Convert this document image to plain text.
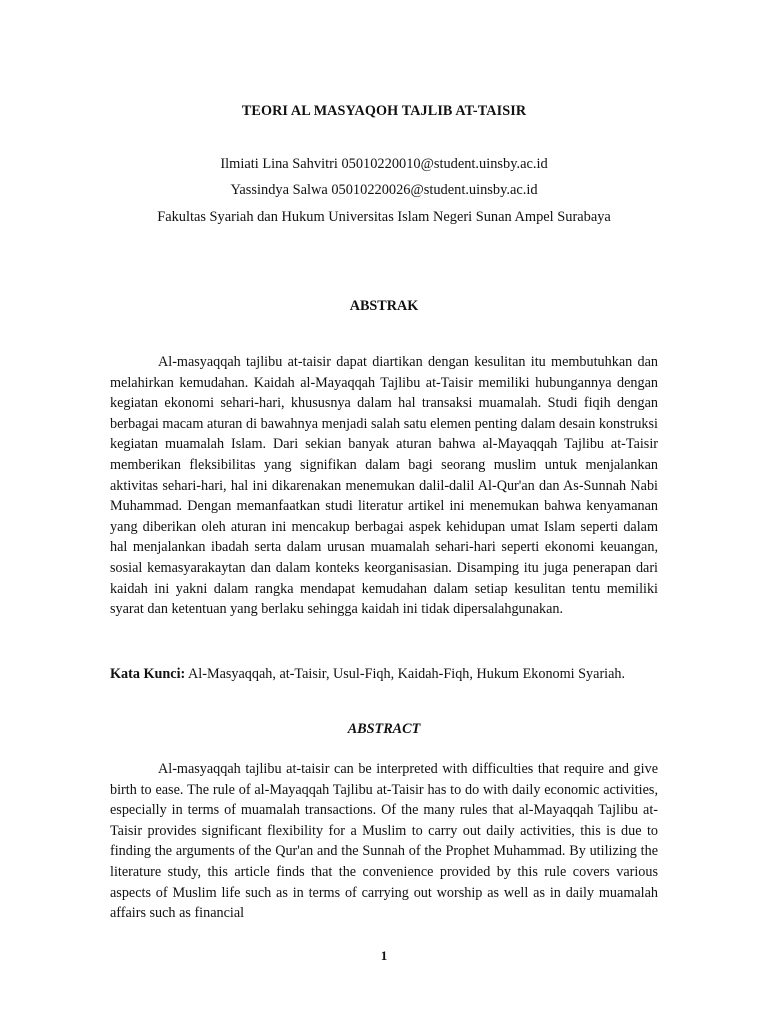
TEORI AL MASYAQOH TAJLIB AT-TAISIR
Ilmiati Lina Sahvitri 05010220010@student.uinsby.ac.id
Yassindya Salwa 05010220026@student.uinsby.ac.id
Fakultas Syariah dan Hukum Universitas Islam Negeri Sunan Ampel Surabaya
ABSTRAK

Al-masyaqqah tajlibu at-taisir dapat diartikan dengan kesulitan itu membutuhkan dan melahirkan kemudahan. Kaidah al-Mayaqqah Tajlibu at-Taisir memiliki hubungannya dengan kegiatan ekonomi sehari-hari, khususnya dalam hal transaksi muamalah. Studi fiqih dengan berbagai macam aturan di bawahnya menjadi salah satu elemen penting dalam desain konstruksi kegiatan muamalah Islam. Dari sekian banyak aturan bahwa al-Mayaqqah Tajlibu at-Taisir memberikan fleksibilitas yang signifikan dalam bagi seorang muslim untuk menjalankan aktivitas sehari-hari, hal ini dikarenakan menemukan dalil-dalil Al-Qur'an dan As-Sunnah Nabi Muhammad. Dengan memanfaatkan studi literatur artikel ini menemukan bahwa kenyamanan yang diberikan oleh aturan ini mencakup berbagai aspek kehidupan umat Islam seperti dalam hal menjalankan ibadah serta dalam urusan muamalah sehari-hari seperti ekonomi keuangan, sosial kemasyarakaytan dan dalam konteks keorganisasian. Disamping itu juga penerapan dari kaidah ini yakni dalam rangka mendapat kemudahan dalam setiap kesulitan tentu memiliki syarat dan ketentuan yang berlaku sehingga kaidah ini tidak dipersalahgunakan.

Kata Kunci: Al-Masyaqqah, at-Taisir, Usul-Fiqh, Kaidah-Fiqh, Hukum Ekonomi Syariah.

ABSTRACT

Al-masyaqqah tajlibu at-taisir can be interpreted with difficulties that require and give birth to ease. The rule of al-Mayaqqah Tajlibu at-Taisir has to do with daily economic activities, especially in terms of muamalah transactions. Of the many rules that al-Mayaqqah Tajlibu at-Taisir provides significant flexibility for a Muslim to carry out daily activities, this is due to finding the arguments of the Qur'an and the Sunnah of the Prophet Muhammad. By utilizing the literature study, this article finds that the convenience provided by this rule covers various aspects of Muslim life such as in terms of carrying out worship as well as in daily muamalah affairs such as financial

1
